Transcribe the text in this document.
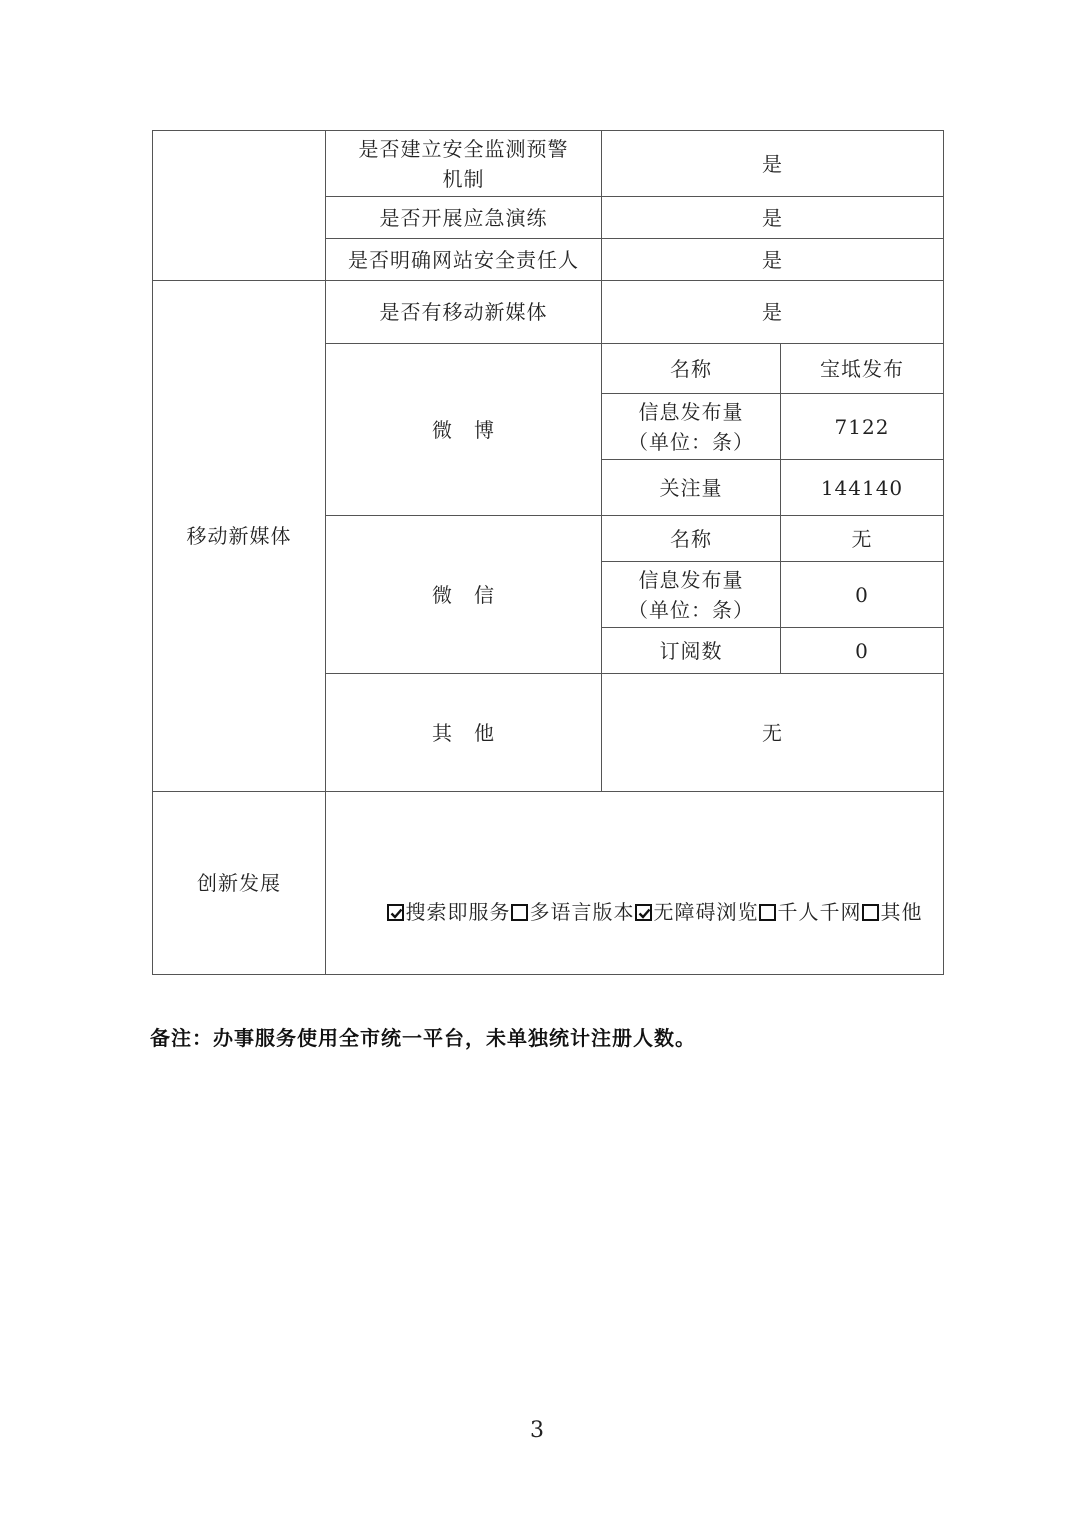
	是否建立安全监测预警
机制	是	
	是否开展应急演练	是	
	是否明确网站安全责任人	是	
移动新媒体	是否有移动新媒体	是	
	微　博	名称	宝坻发布
		信息发布量
（单位：条）	7122
		关注量	144140
	微　信	名称	无
		信息发布量
（单位：条）	0
		订阅数	0
	其　他	无	
创新发展	搜索即服务 多语言版本 无障碍浏览 千人千网 其他		
备注：办事服务使用全市统一平台，未单独统计注册人数。
3
